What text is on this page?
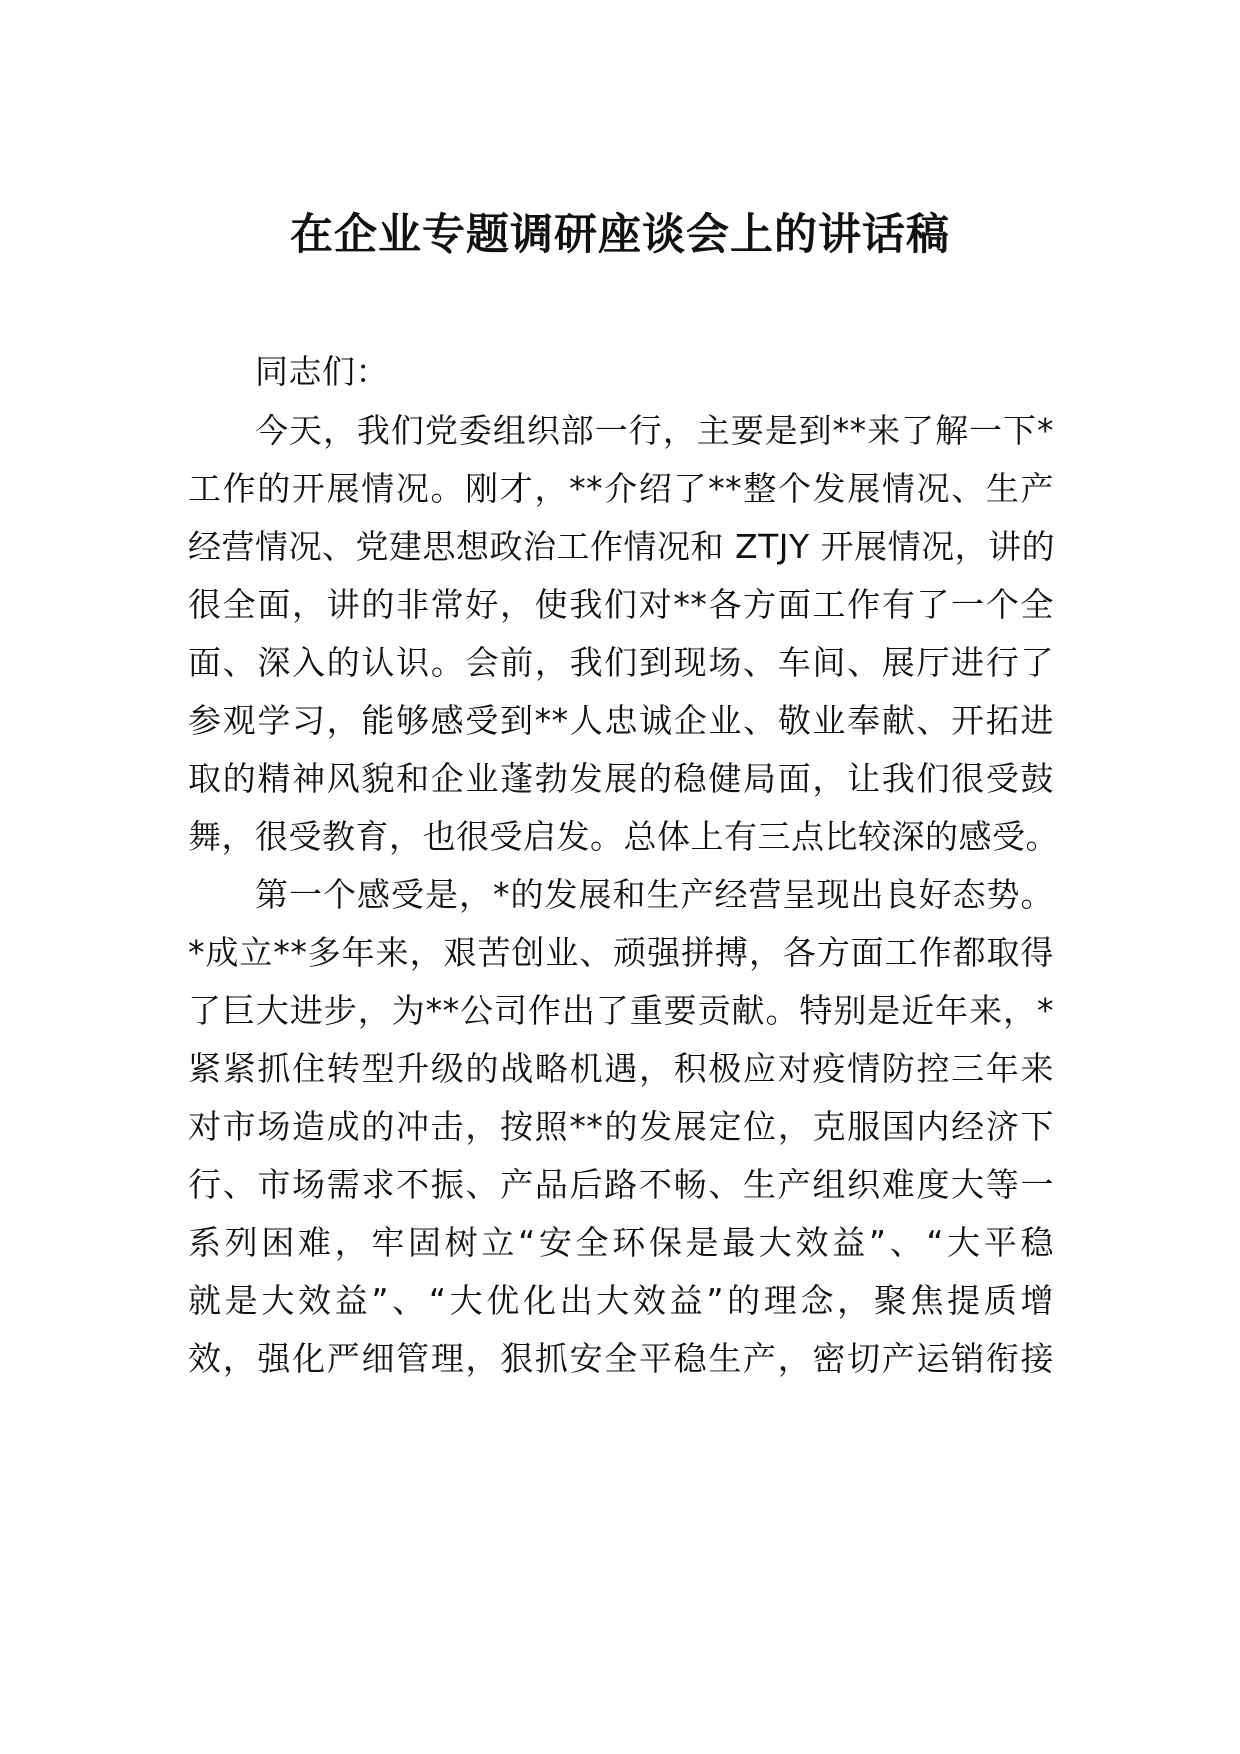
在企业专题调研座谈会上的讲话稿
同志们：
今天，我们党委组织部一行，主要是到**来了解一下*
工作的开展情况。刚才，**介绍了**整个发展情况、生产
经营情况、党建思想政治工作情况和 ZTJY 开展情况，讲的
很全面，讲的非常好，使我们对**各方面工作有了一个全
面、深入的认识。会前，我们到现场、车间、展厅进行了
参观学习，能够感受到**人忠诚企业、敬业奉献、开拓进
取的精神风貌和企业蓬勃发展的稳健局面，让我们很受鼓
舞，很受教育，也很受启发。总体上有三点比较深的感受。
第一个感受是，*的发展和生产经营呈现出良好态势。
*成立**多年来，艰苦创业、顽强拼搏，各方面工作都取得
了巨大进步，为**公司作出了重要贡献。特别是近年来，*
紧紧抓住转型升级的战略机遇，积极应对疫情防控三年来
对市场造成的冲击，按照**的发展定位，克服国内经济下
行、市场需求不振、产品后路不畅、生产组织难度大等一
系列困难，牢固树立“安全环保是最大效益”、“大平稳
就是大效益”、“大优化出大效益”的理念，聚焦提质增
效，强化严细管理，狠抓安全平稳生产，密切产运销衔接
